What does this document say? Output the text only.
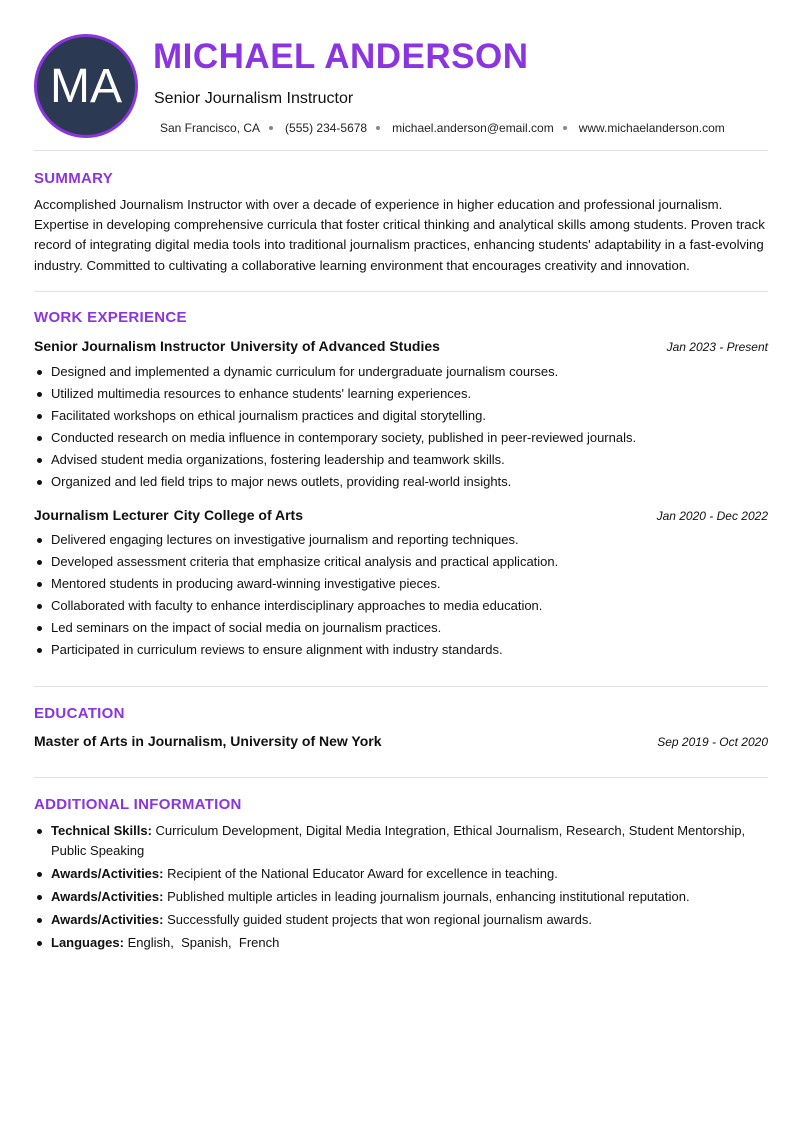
MA
MICHAEL ANDERSON
Senior Journalism Instructor
San Francisco, CA (555) 234-5678 michael.anderson@email.com www.michaelanderson.com
SUMMARY

Accomplished Journalism Instructor with over a decade of experience in higher education and professional journalism. Expertise in developing comprehensive curricula that foster critical thinking and analytical skills among students. Proven track record of integrating digital media tools into traditional journalism practices, enhancing students' adaptability in a fast-evolving industry. Committed to cultivating a collaborative learning environment that encourages creativity and innovation.

WORK EXPERIENCE
Senior Journalism Instructor University of Advanced Studies	Jan 2023 - Present
Designed and implemented a dynamic curriculum for undergraduate journalism courses.
Utilized multimedia resources to enhance students' learning experiences.
Facilitated workshops on ethical journalism practices and digital storytelling.
Conducted research on media influence in contemporary society, published in peer-reviewed journals.
Advised student media organizations, fostering leadership and teamwork skills.
Organized and led field trips to major news outlets, providing real-world insights.
Journalism Lecturer City College of Arts	Jan 2020 - Dec 2022
Delivered engaging lectures on investigative journalism and reporting techniques.
Developed assessment criteria that emphasize critical analysis and practical application.
Mentored students in producing award-winning investigative pieces.
Collaborated with faculty to enhance interdisciplinary approaches to media education.
Led seminars on the impact of social media on journalism practices.
Participated in curriculum reviews to ensure alignment with industry standards.
EDUCATION
Master of Arts in Journalism, University of New York	Sep 2019 - Oct 2020
ADDITIONAL INFORMATION
Technical Skills: Curriculum Development, Digital Media Integration, Ethical Journalism, Research, Student Mentorship, Public Speaking
Awards/Activities: Recipient of the National Educator Award for excellence in teaching.
Awards/Activities: Published multiple articles in leading journalism journals, enhancing institutional reputation.
Awards/Activities: Successfully guided student projects that won regional journalism awards.
Languages: English,  Spanish,  French
